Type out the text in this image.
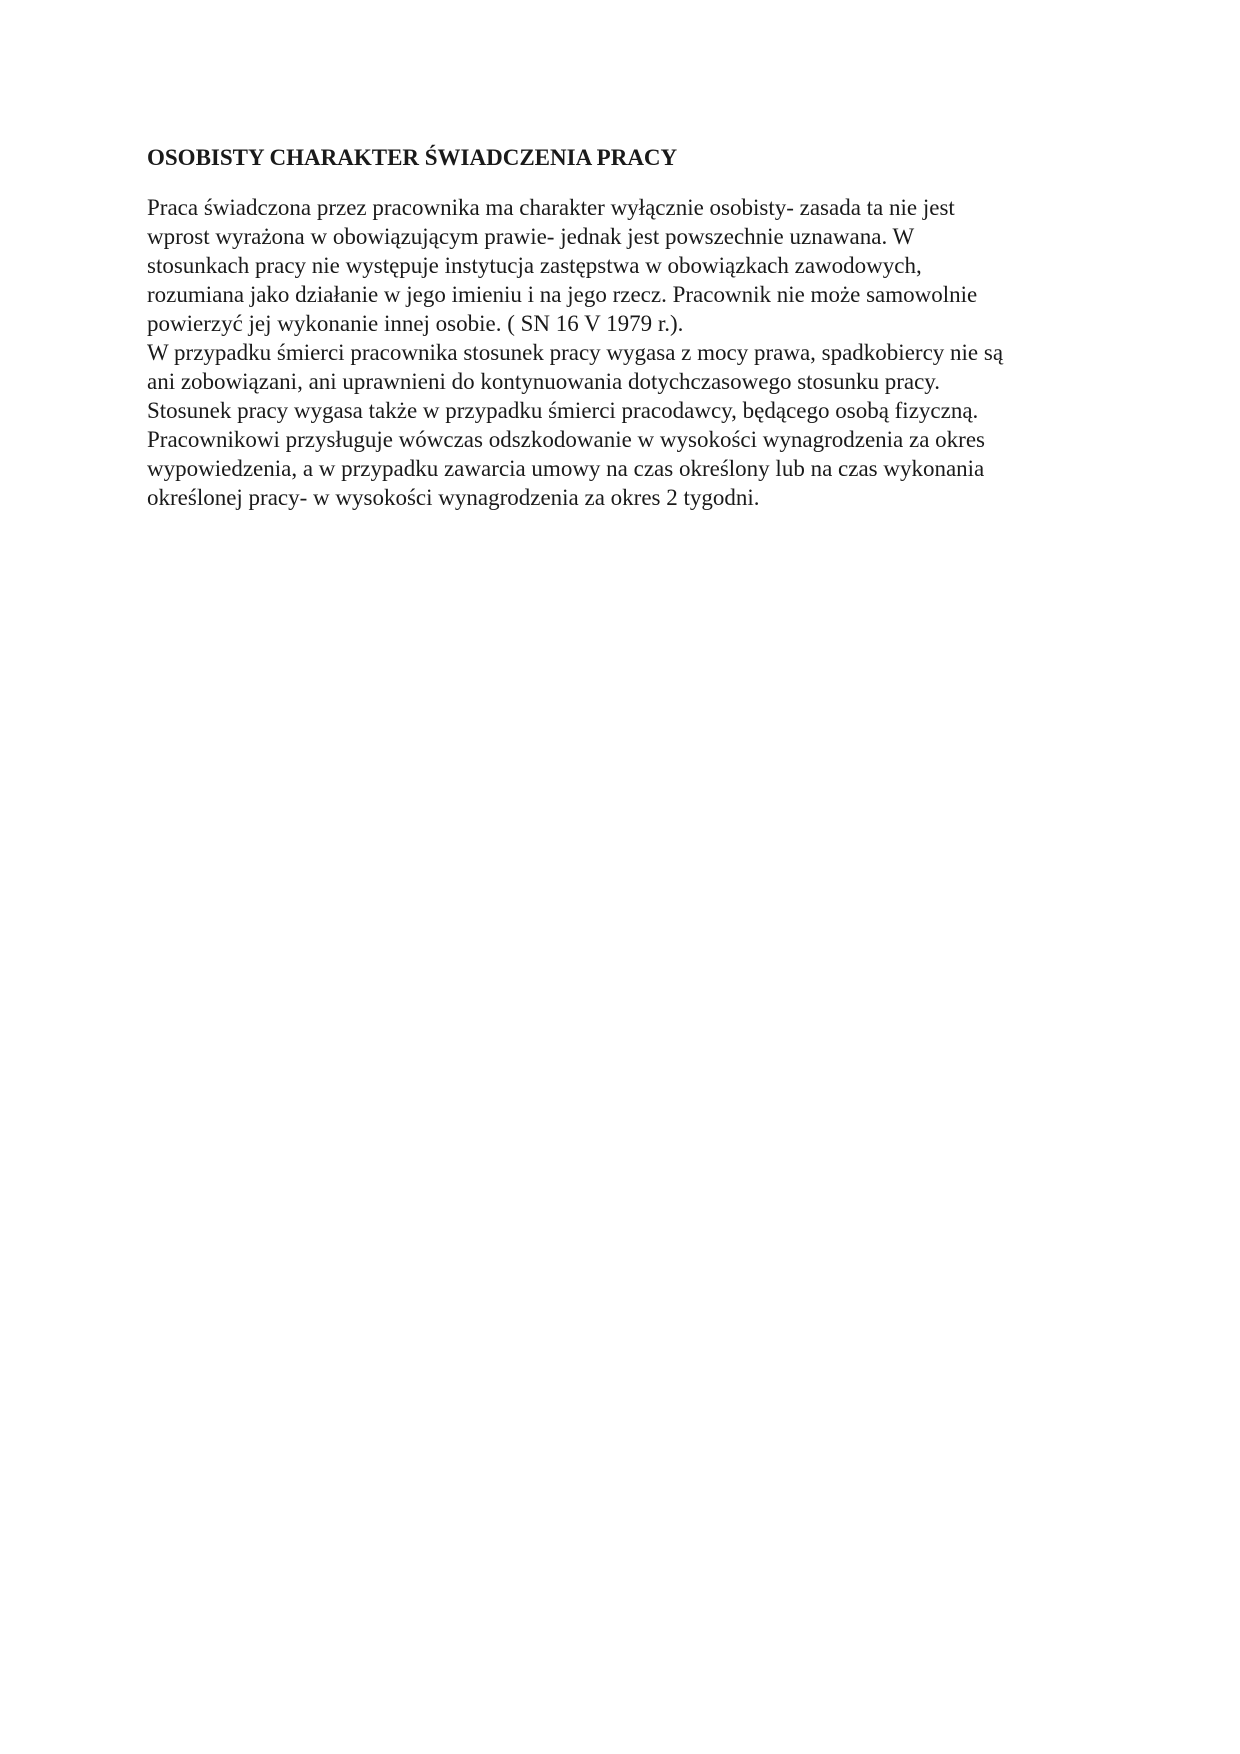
OSOBISTY CHARAKTER ŚWIADCZENIA PRACY

Praca świadczona przez pracownika ma charakter wyłącznie osobisty- zasada ta nie jest
wprost wyrażona w obowiązującym prawie- jednak jest powszechnie uznawana. W
stosunkach pracy nie występuje instytucja zastępstwa w obowiązkach zawodowych,
rozumiana jako działanie w jego imieniu i na jego rzecz. Pracownik nie może samowolnie
powierzyć jej wykonanie innej osobie. ( SN 16 V 1979 r.).
W przypadku śmierci pracownika stosunek pracy wygasa z mocy prawa, spadkobiercy nie są
ani zobowiązani, ani uprawnieni do kontynuowania dotychczasowego stosunku pracy.
Stosunek pracy wygasa także w przypadku śmierci pracodawcy, będącego osobą fizyczną.
Pracownikowi przysługuje wówczas odszkodowanie w wysokości wynagrodzenia za okres
wypowiedzenia, a w przypadku zawarcia umowy na czas określony lub na czas wykonania
określonej pracy- w wysokości wynagrodzenia za okres 2 tygodni.
